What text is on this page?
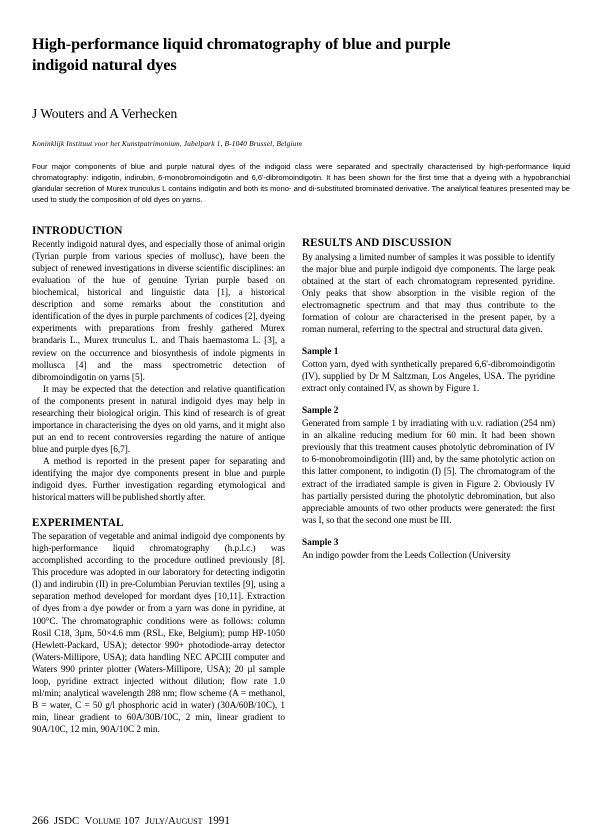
High-performance liquid chromatography of blue and purple indigoid natural dyes
J Wouters and A Verhecken
Koninklijk Instituut voor het Kunstpatrimonium, Jubelpark 1, B-1040 Brussel, Belgium
Four major components of blue and purple natural dyes of the indigoid class were separated and spectrally characterised by high-performance liquid chromatography: indigotin, indirubin, 6-monobromoindigotin and 6,6'-dibromoindigotin. It has been shown for the first time that a dyeing with a hypobranchial glandular secretion of Murex trunculus L contains indigotin and both its mono- and di-substituted brominated derivative. The analytical features presented may be used to study the composition of old dyes on yarns.
INTRODUCTION

Recently indigoid natural dyes, and especially those of animal origin (Tyrian purple from various species of mollusc), have been the subject of renewed investigations in diverse scientific disciplines: an evaluation of the hue of genuine Tyrian purple based on biochemical, historical and linguistic data [1], a historical description and some remarks about the constitution and identification of the dyes in purple parchments of codices [2], dyeing experiments with preparations from freshly gathered Murex brandaris L., Murex trunculus L. and Thais haemastoma L. [3], a review on the occurrence and biosynthesis of indole pigments in mollusca [4] and the mass spectrometric detection of dibromoindigotin on yarns [5].

It may be expected that the detection and relative quantification of the components present in natural indigoid dyes may help in researching their biological origin. This kind of research is of great importance in characterising the dyes on old yarns, and it might also put an end to recent controversies regarding the nature of antique blue and purple dyes [6,7].

A method is reported in the present paper for separating and identifying the major dye components present in blue and purple indigoid dyes. Further investigation regarding etymological and historical matters will be published shortly after.

EXPERIMENTAL

The separation of vegetable and animal indigoid dye components by high-performance liquid chromatography (h.p.l.c.) was accomplished according to the procedure outlined previously [8]. This procedure was adopted in our laboratory for detecting indigotin (I) and indirubin (II) in pre-Columbian Peruvian textiles [9], using a separation method developed for mordant dyes [10,11]. Extraction of dyes from a dye powder or from a yarn was done in pyridine, at 100°C. The chromatographic conditions were as follows: column Rosil C18, 3µm, 50×4.6 mm (RSL, Eke, Belgium); pump HP-1050 (Hewlett-Packard, USA); detector 990+ photodiode-array detector (Waters-Millipore, USA); data handling NEC APCIII computer and Waters 990 printer plotter (Waters-Millipore, USA); 20 µl sample loop, pyridine extract injected without dilution; flow rate 1.0 ml/min; analytical wavelength 288 nm; flow scheme (A = methanol, B = water, C = 50 g/l phosphoric acid in water) (30A/60B/10C), 1 min, linear gradient to 60A/30B/10C, 2 min, linear gradient to 90A/10C, 12 min, 90A/10C 2 min.

RESULTS AND DISCUSSION

By analysing a limited number of samples it was possible to identify the major blue and purple indigoid dye components. The large peak obtained at the start of each chromatogram represented pyridine. Only peaks that show absorption in the visible region of the electromagnetic spectrum and that may thus contribute to the formation of colour are characterised in the present paper, by a roman numeral, referring to the spectral and structural data given.

Sample 1

Cotton yarn, dyed with synthetically prepared 6,6'-dibromoindigotin (IV), supplied by Dr M Saltzman, Los Angeles, USA. The pyridine extract only contained IV, as shown by Figure 1.

Sample 2

Generated from sample 1 by irradiating with u.v. radiation (254 nm) in an alkaline reducing medium for 60 min. It had been shown previously that this treatment causes photolytic debromination of IV to 6-monobromoindigotin (III) and, by the same photolytic action on this latter component, to indigotin (I) [5]. The chromatogram of the extract of the irradiated sample is given in Figure 2. Obviously IV has partially persisted during the photolytic debromination, but also appreciable amounts of two other products were generated: the first was I, so that the second one must be III.

Sample 3

An indigo powder from the Leeds Collection (University

266 JSDC Volume 107 July/August 1991
